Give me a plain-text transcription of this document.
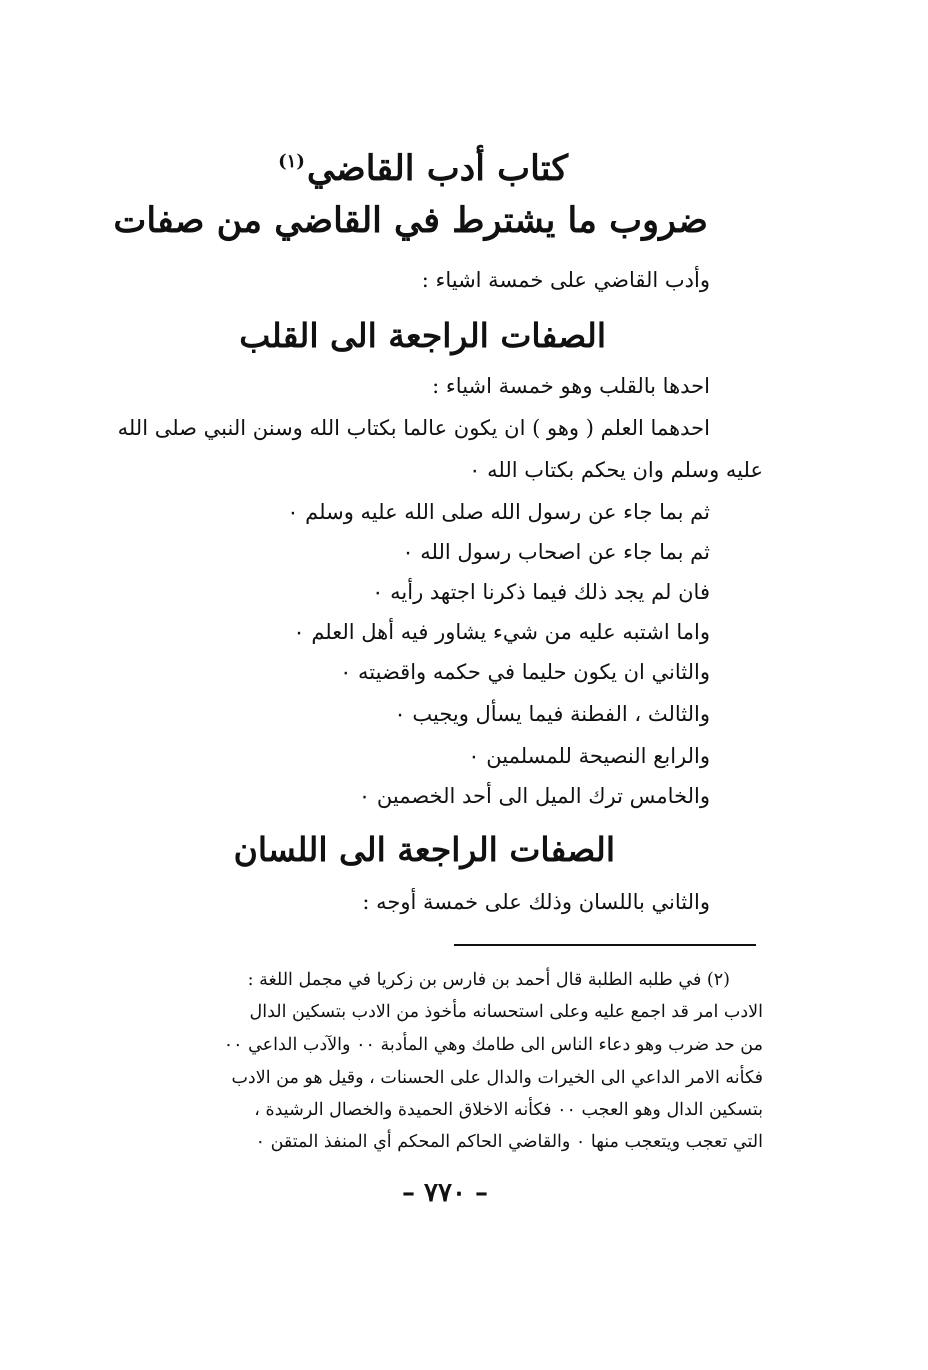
كتاب أدب القاضي$^{(١)}$
ضروب ما يشترط في القاضي من صفات
وأدب القاضي على خمسة اشياء :
الصفات الراجعة الى القلب
احدها بالقلب وهو خمسة اشياء :
احدهما العلم ( وهو ) ان يكون عالما بكتاب الله وسنن النبي صلى الله
عليه وسلم وان يحكم بكتاب الله ٠
ثم بما جاء عن رسول الله صلى الله عليه وسلم ٠
ثم بما جاء عن اصحاب رسول الله ٠
فان لم يجد ذلك فيما ذكرنا اجتهد رأيه ٠
واما اشتبه عليه من شيء يشاور فيه أهل العلم ٠
والثاني ان يكون حليما في حكمه واقضيته ٠
والثالث ، الفطنة فيما يسأل ويجيب ٠
والرابع النصيحة للمسلمين ٠
والخامس ترك الميل الى أحد الخصمين ٠
الصفات الراجعة الى اللسان
والثاني باللسان وذلك على خمسة أوجه :
(٢) في طلبه الطلبة قال أحمد بن فارس بن زكريا في مجمل اللغة :
الادب امر قد اجمع عليه وعلى استحسانه مأخوذ من الادب بتسكين الدال
من حد ضرب وهو دعاء الناس الى طامك وهي المأدبة ٠٠ والآدب الداعي ٠٠
فكأنه الامر الداعي الى الخيرات والدال على الحسنات ، وقيل هو من الادب
بتسكين الدال وهو العجب ٠٠ فكأنه الاخلاق الحميدة والخصال الرشيدة ،
التي تعجب ويتعجب منها ٠ والقاضي الحاكم المحكم أي المنفذ المتقن ٠
– ٧٧٠ –
